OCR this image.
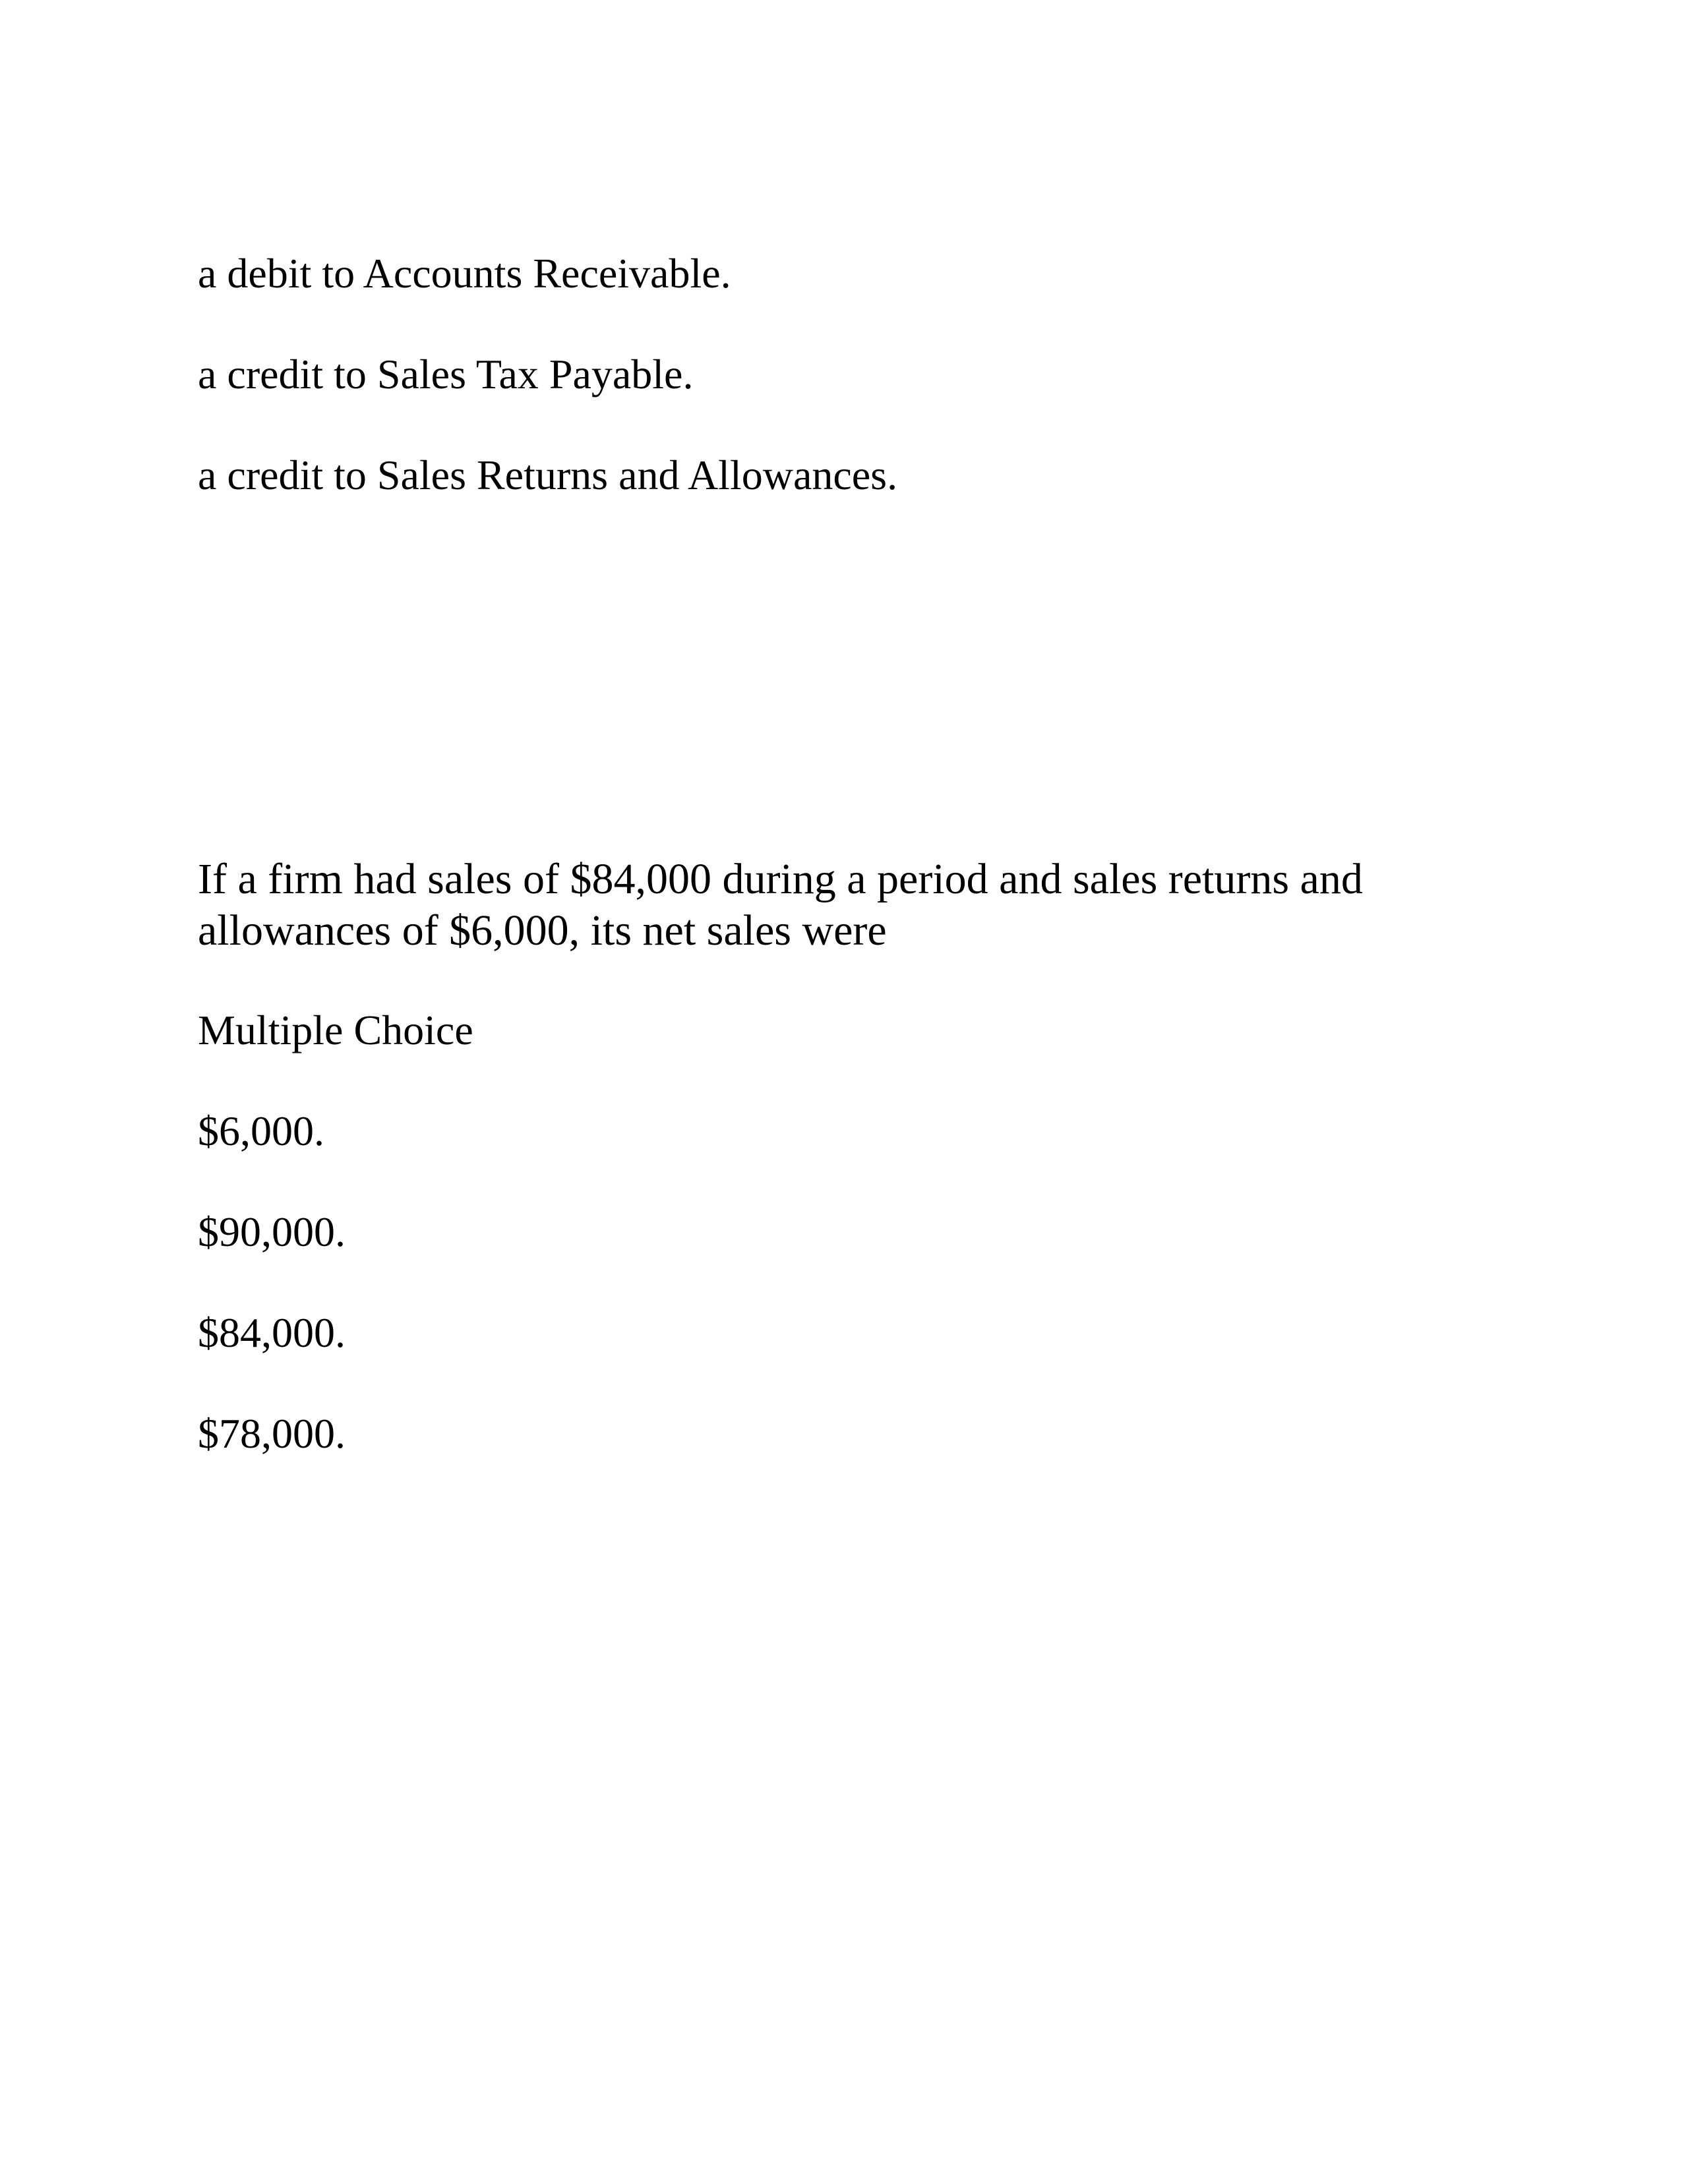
a debit to Accounts Receivable.

a credit to Sales Tax Payable.

a credit to Sales Returns and Allowances.

If a firm had sales of $84,000 during a period and sales returns and allowances of $6,000, its net sales were

Multiple Choice

$6,000.

$90,000.

$84,000.

$78,000.
